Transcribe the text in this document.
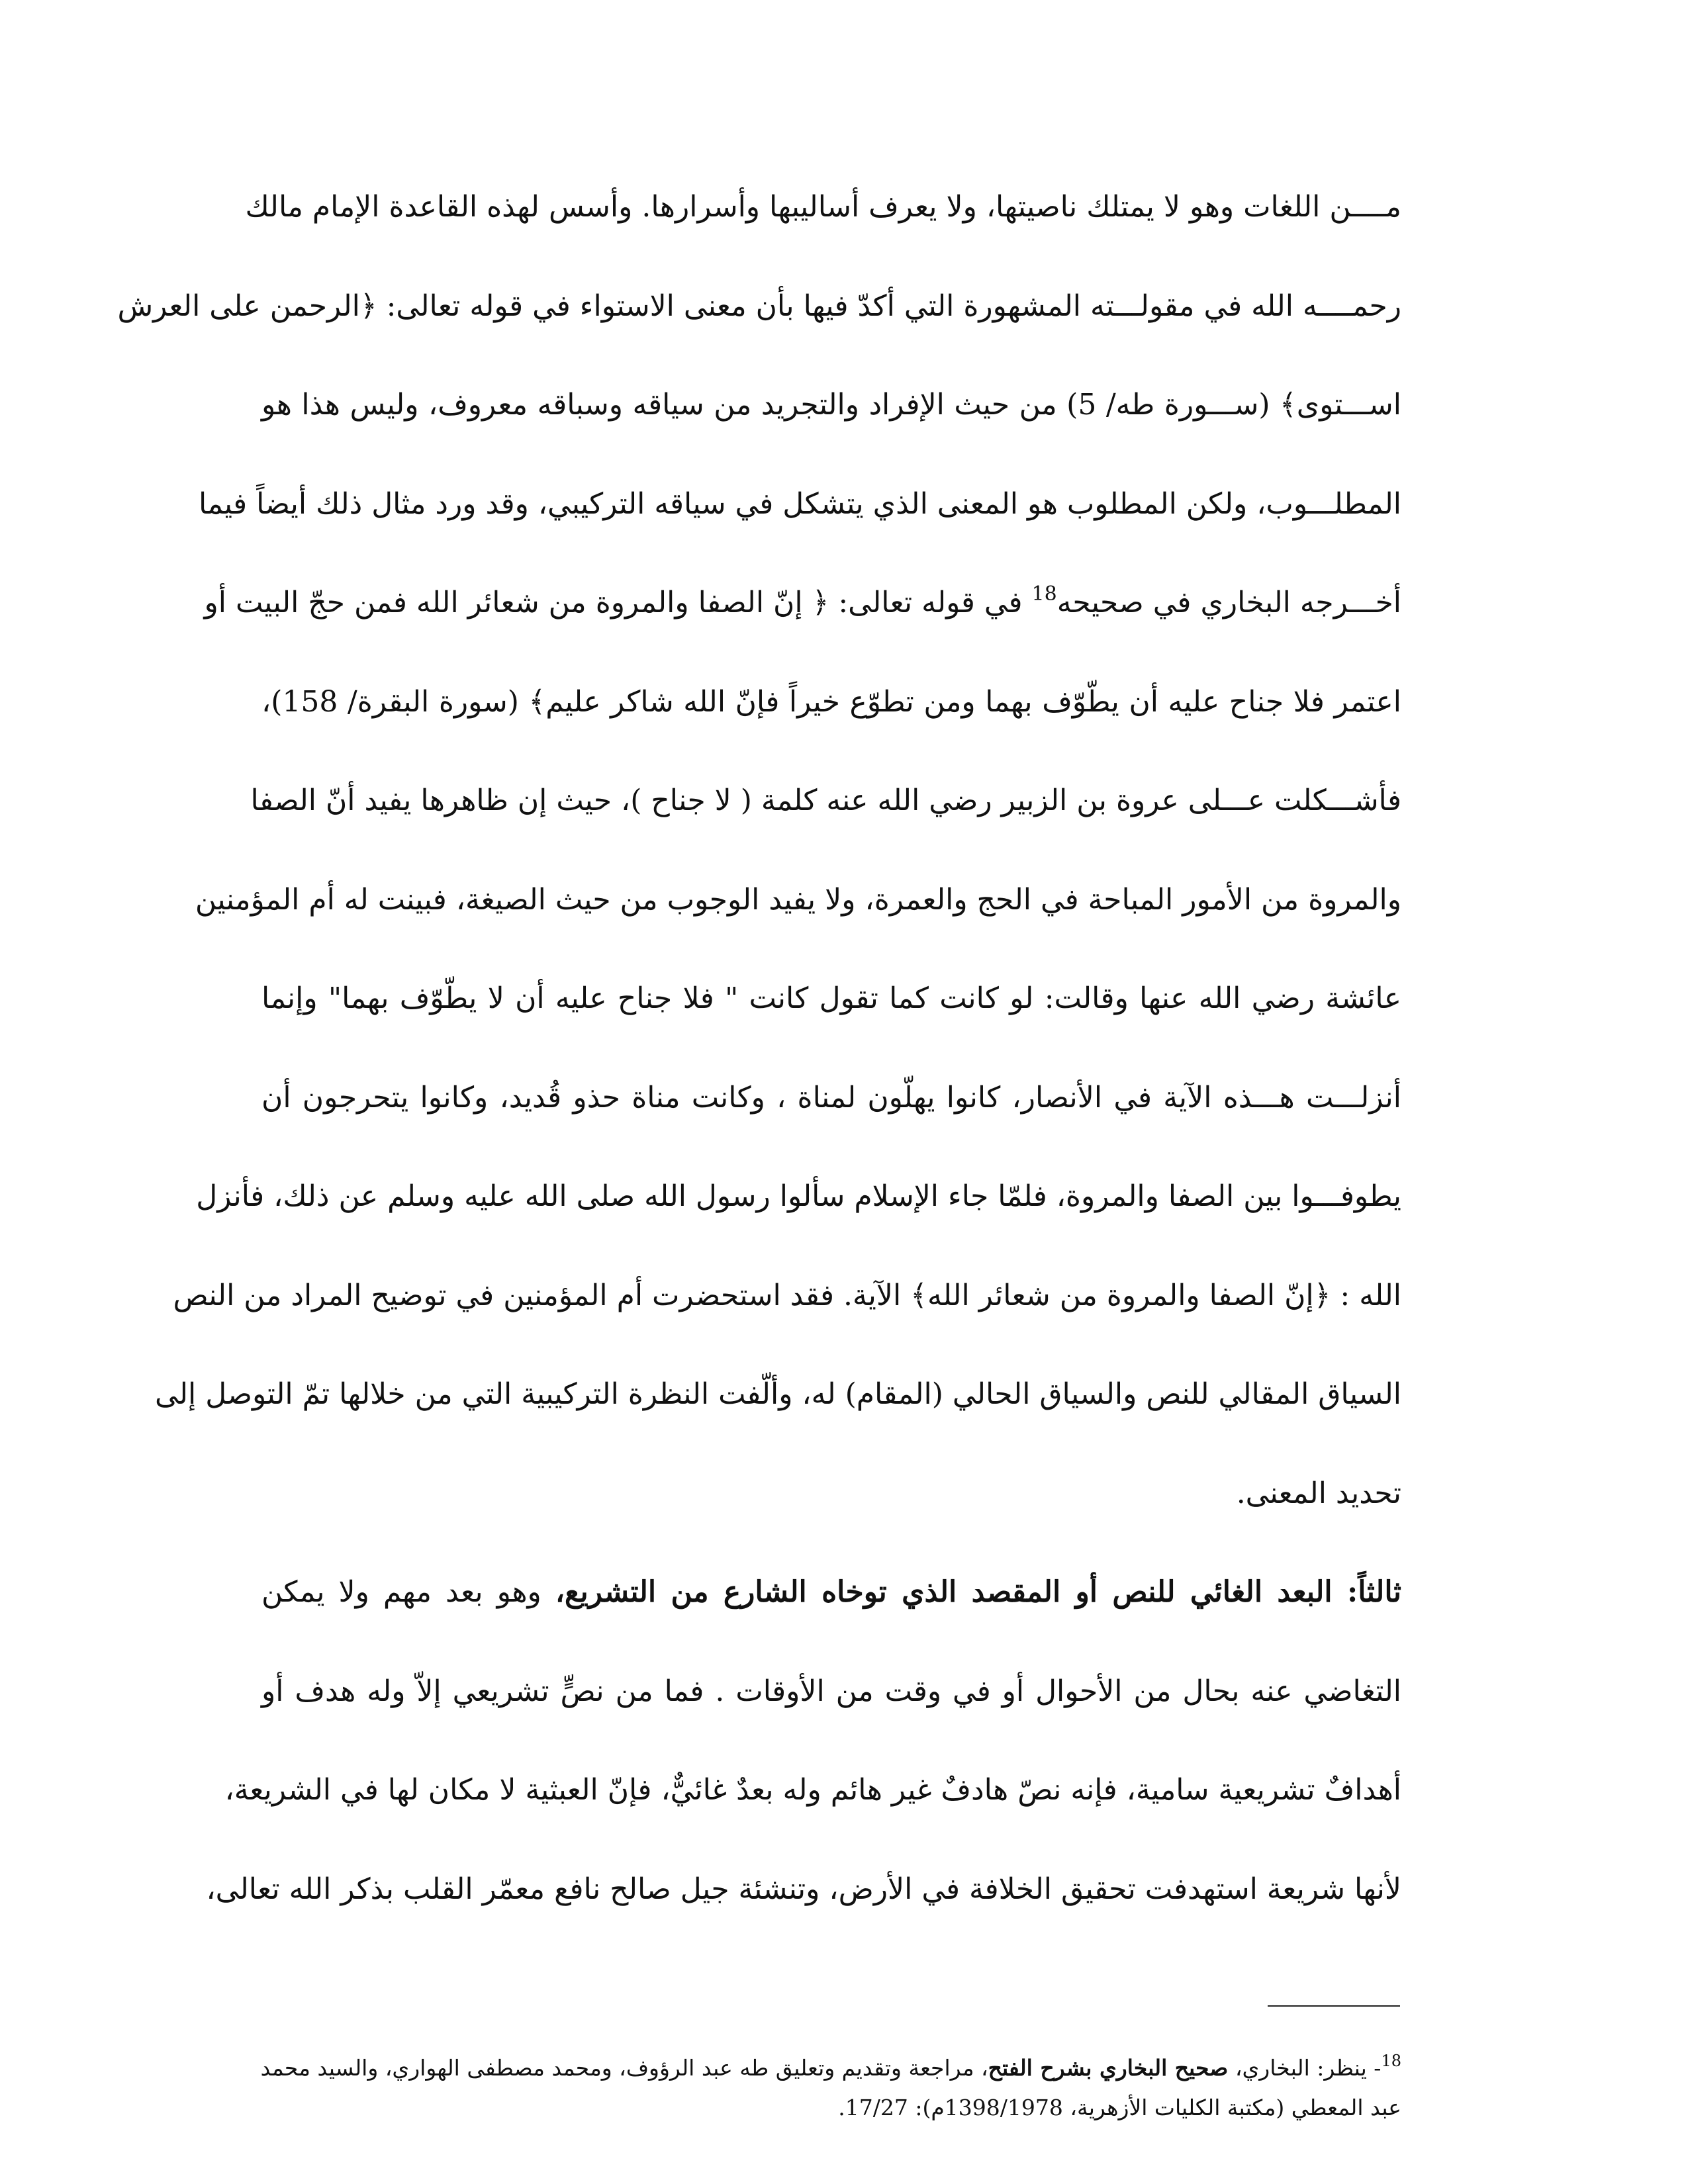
مــــن اللغات وهو لا يمتلك ناصيتها، ولا يعرف أساليبها وأسرارها. وأسس لهذه القاعدة الإمام مالك
رحمــــه الله في مقولـــته المشهورة التي أكدّ فيها بأن معنى الاستواء في قوله تعالى: ﴿الرحمن على العرش
اســـتوى﴾ (ســـورة طه/ 5) من حيث الإفراد والتجريد من سياقه وسباقه معروف، وليس هذا هو
المطلـــوب، ولكن المطلوب هو المعنى الذي يتشكل في سياقه التركيبي، وقد ورد مثال ذلك أيضاً فيما
أخـــرجه البخاري في صحيحه$^{18}$ في قوله تعالى: ﴿ إنّ الصفا والمروة من شعائر الله فمن حجّ البيت أو
اعتمر فلا جناح عليه أن يطّوّف بهما ومن تطوّع خيراً فإنّ الله شاكر عليم﴾ (سورة البقرة/ 158)،
فأشـــكلت عـــلى عروة بن الزبير رضي الله عنه كلمة ( لا جناح )، حيث إن ظاهرها يفيد أنّ الصفا
والمروة من الأمور المباحة في الحج والعمرة، ولا يفيد الوجوب من حيث الصيغة، فبينت له أم المؤمنين
عائشة رضي الله عنها وقالت: لو كانت كما تقول كانت " فلا جناح عليه أن لا يطّوّف بهما" وإنما
أنزلـــت هـــذه الآية في الأنصار، كانوا يهلّون لمناة ، وكانت مناة حذو قُديد، وكانوا يتحرجون أن
يطوفـــوا بين الصفا والمروة، فلمّا جاء الإسلام سألوا رسول الله صلى الله عليه وسلم عن ذلك، فأنزل
الله : ﴿إنّ الصفا والمروة من شعائر الله﴾ الآية. فقد استحضرت أم المؤمنين في توضيح المراد من النص
السياق المقالي للنص والسياق الحالي (المقام) له، وألّفت النظرة التركيبية التي من خلالها تمّ التوصل إلى
تحديد المعنى.
ثالثاً: البعد الغائي للنص أو المقصد الذي توخاه الشارع من التشريع، وهو بعد مهم ولا يمكن
التغاضي عنه بحال من الأحوال أو في وقت من الأوقات . فما من نصٍّ تشريعي إلاّ وله هدف أو
أهدافٌ تشريعية سامية، فإنه نصّ هادفٌ غير هائم وله بعدٌ غائيٌّ، فإنّ العبثية لا مكان لها في الشريعة،
لأنها شريعة استهدفت تحقيق الخلافة في الأرض، وتنشئة جيل صالح نافع معمّر القلب بذكر الله تعالى،
$^{18}$- ينظر: البخاري، صحيح البخاري بشرح الفتح، مراجعة وتقديم وتعليق طه عبد الرؤوف، ومحمد مصطفى الهواري، والسيد محمد
عبد المعطي (مكتبة الكليات الأزهرية، 1398/1978م): 17/27.
